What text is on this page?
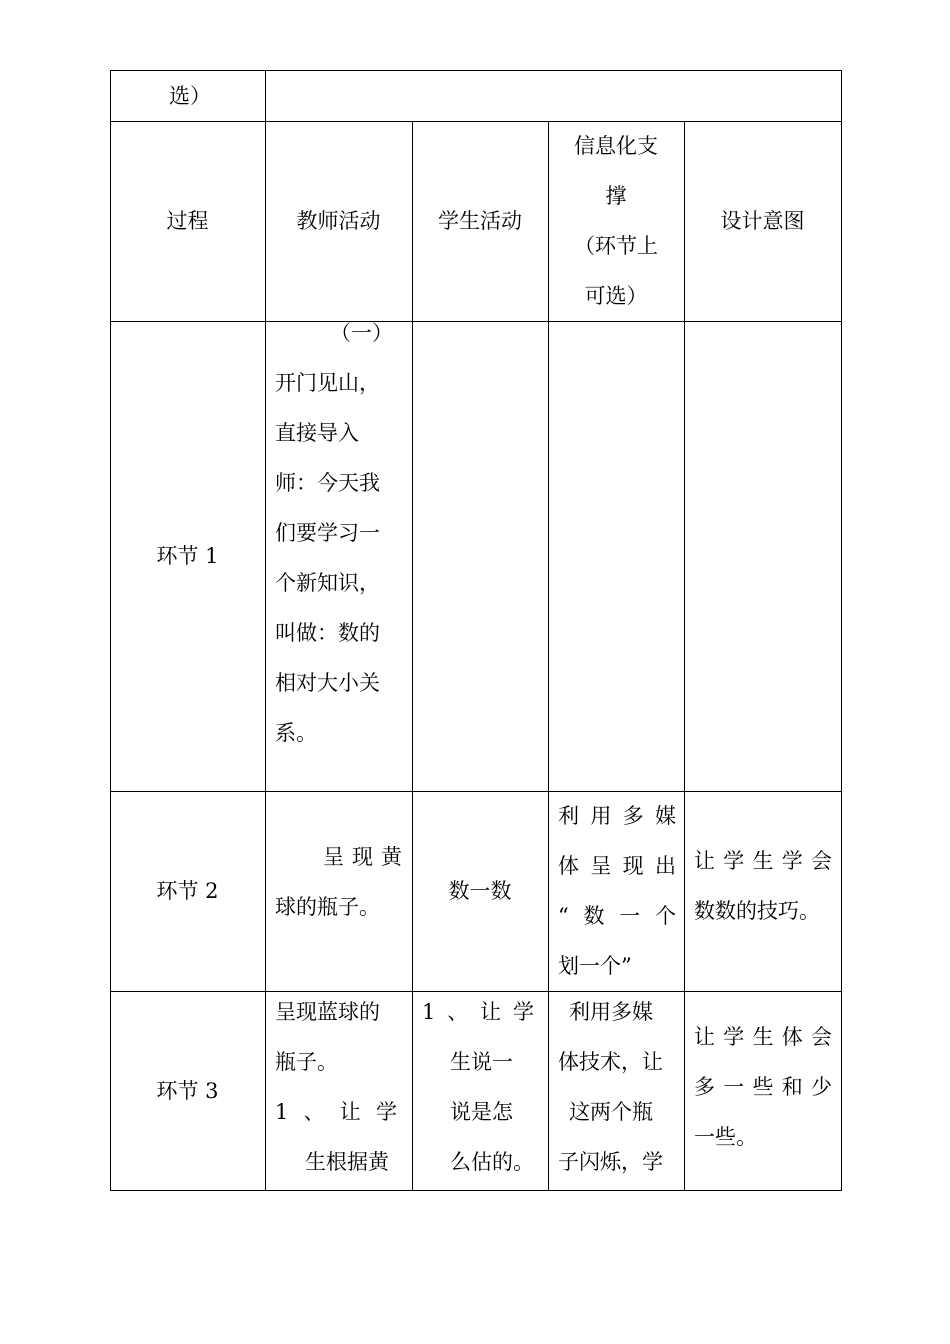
选）
过程	教师活动	学生活动
信息化支
撑
（环节上
可选）
设计意图
环节 1
（一）
开门见山，
直接导入
师：今天我
们要学习一
个新知识，
叫做：数的
相对大小关
系。
环节 2
呈现黄
球的瓶子。
数一数
利用多媒
体呈现出
“数一个
划一个”
让学生学会
数数的技巧。
环节 3
呈现蓝球的
瓶子。
1、让学
生根据黄
1、让学
生说一
说是怎
么估的。
利用多媒
体技术，让
这两个瓶
子闪烁，学
让学生体会
多一些和少
一些。
